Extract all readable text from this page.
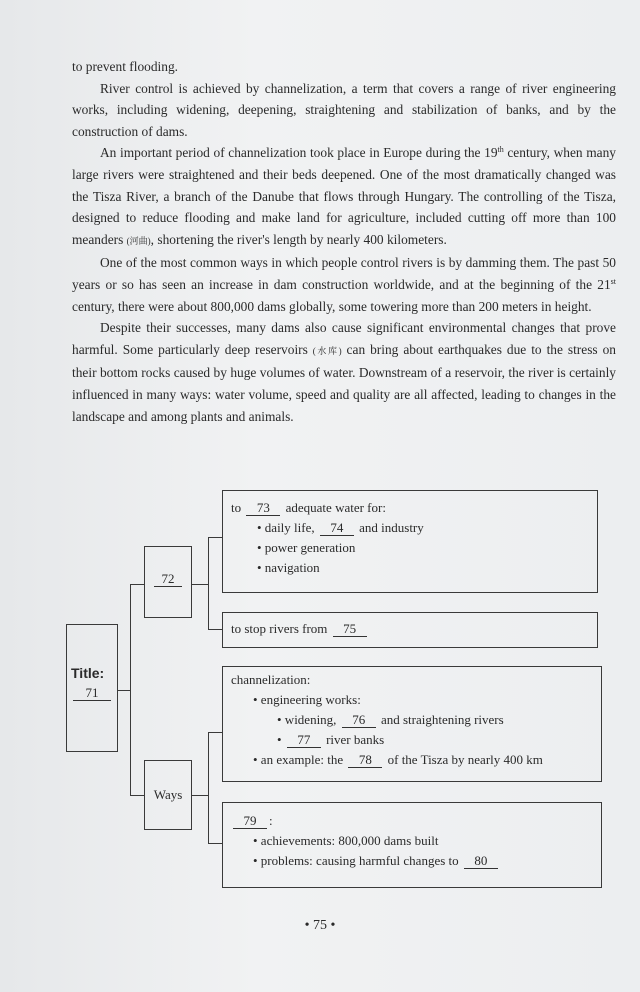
to prevent flooding.

River control is achieved by channelization, a term that covers a range of river engineering works, including widening, deepening, straightening and stabilization of banks, and by the construction of dams.

An important period of channelization took place in Europe during the 19th century, when many large rivers were straightened and their beds deepened. One of the most dramatically changed was the Tisza River, a branch of the Danube that flows through Hungary. The controlling of the Tisza, designed to reduce flooding and make land for agriculture, included cutting off more than 100 meanders (河曲), shortening the river's length by nearly 400 kilometers.

One of the most common ways in which people control rivers is by damming them. The past 50 years or so has seen an increase in dam construction worldwide, and at the beginning of the 21st century, there were about 800,000 dams globally, some towering more than 200 meters in height.

Despite their successes, many dams also cause significant environmental changes that prove harmful. Some particularly deep reservoirs (水库) can bring about earthquakes due to the stress on their bottom rocks caused by huge volumes of water. Downstream of a reservoir, the river is certainly influenced in many ways: water volume, speed and quality are all affected, leading to changes in the landscape and among plants and animals.

Title:
71
72
to 73 adequate water for:
• daily life, 74 and industry
• power generation
• navigation
to stop rivers from 75
Ways
channelization:
• engineering works:
• widening, 76 and straightening rivers
• 77 river banks
• an example: the 78 of the Tisza by nearly 400 km
79 :
• achievements: 800,000 dams built
• problems: causing harmful changes to 80
• 75 •
